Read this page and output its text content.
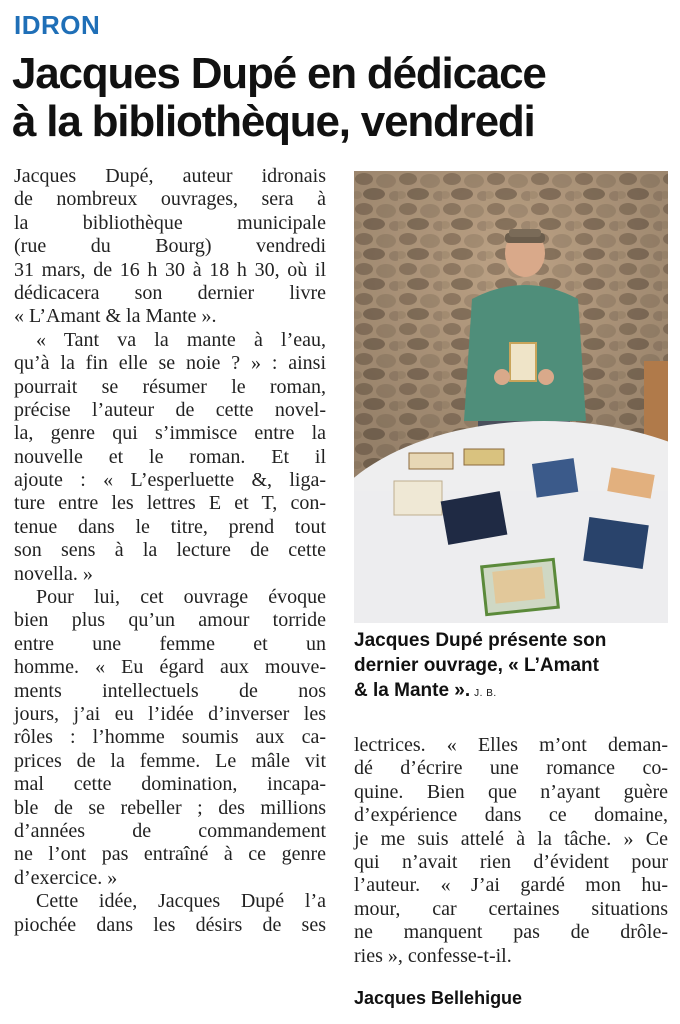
IDRON
Jacques Dupé en dédicace
à la bibliothèque, vendredi
Jacques Dupé, auteur idronais
de nombreux ouvrages, sera à
la bibliothèque municipale
(rue du Bourg) vendredi
31 mars, de 16 h 30 à 18 h 30, où il
dédicacera son dernier livre
« L’Amant & la Mante ».
« Tant va la mante à l’eau,
qu’à la fin elle se noie ? » : ainsi
pourrait se résumer le roman,
précise l’auteur de cette novel-
la, genre qui s’immisce entre la
nouvelle et le roman. Et il
ajoute : « L’esperluette &, liga-
ture entre les lettres E et T, con-
tenue dans le titre, prend tout
son sens à la lecture de cette
novella. »
Pour lui, cet ouvrage évoque
bien plus qu’un amour torride
entre une femme et un
homme. « Eu égard aux mouve-
ments intellectuels de nos
jours, j’ai eu l’idée d’inverser les
rôles : l’homme soumis aux ca-
prices de la femme. Le mâle vit
mal cette domination, incapa-
ble de se rebeller ; des millions
d’années de commandement
ne l’ont pas entraîné à ce genre
d’exercice. »
Cette idée, Jacques Dupé l’a
piochée dans les désirs de ses
Jacques Dupé présente son
dernier ouvrage, « L’Amant
& la Mante ». J. B.
lectrices. « Elles m’ont deman-
dé d’écrire une romance co-
quine. Bien que n’ayant guère
d’expérience dans ce domaine,
je me suis attelé à la tâche. » Ce
qui n’avait rien d’évident pour
l’auteur. « J’ai gardé mon hu-
mour, car certaines situations
ne manquent pas de drôle-
ries », confesse-t-il.
Jacques Bellehigue
